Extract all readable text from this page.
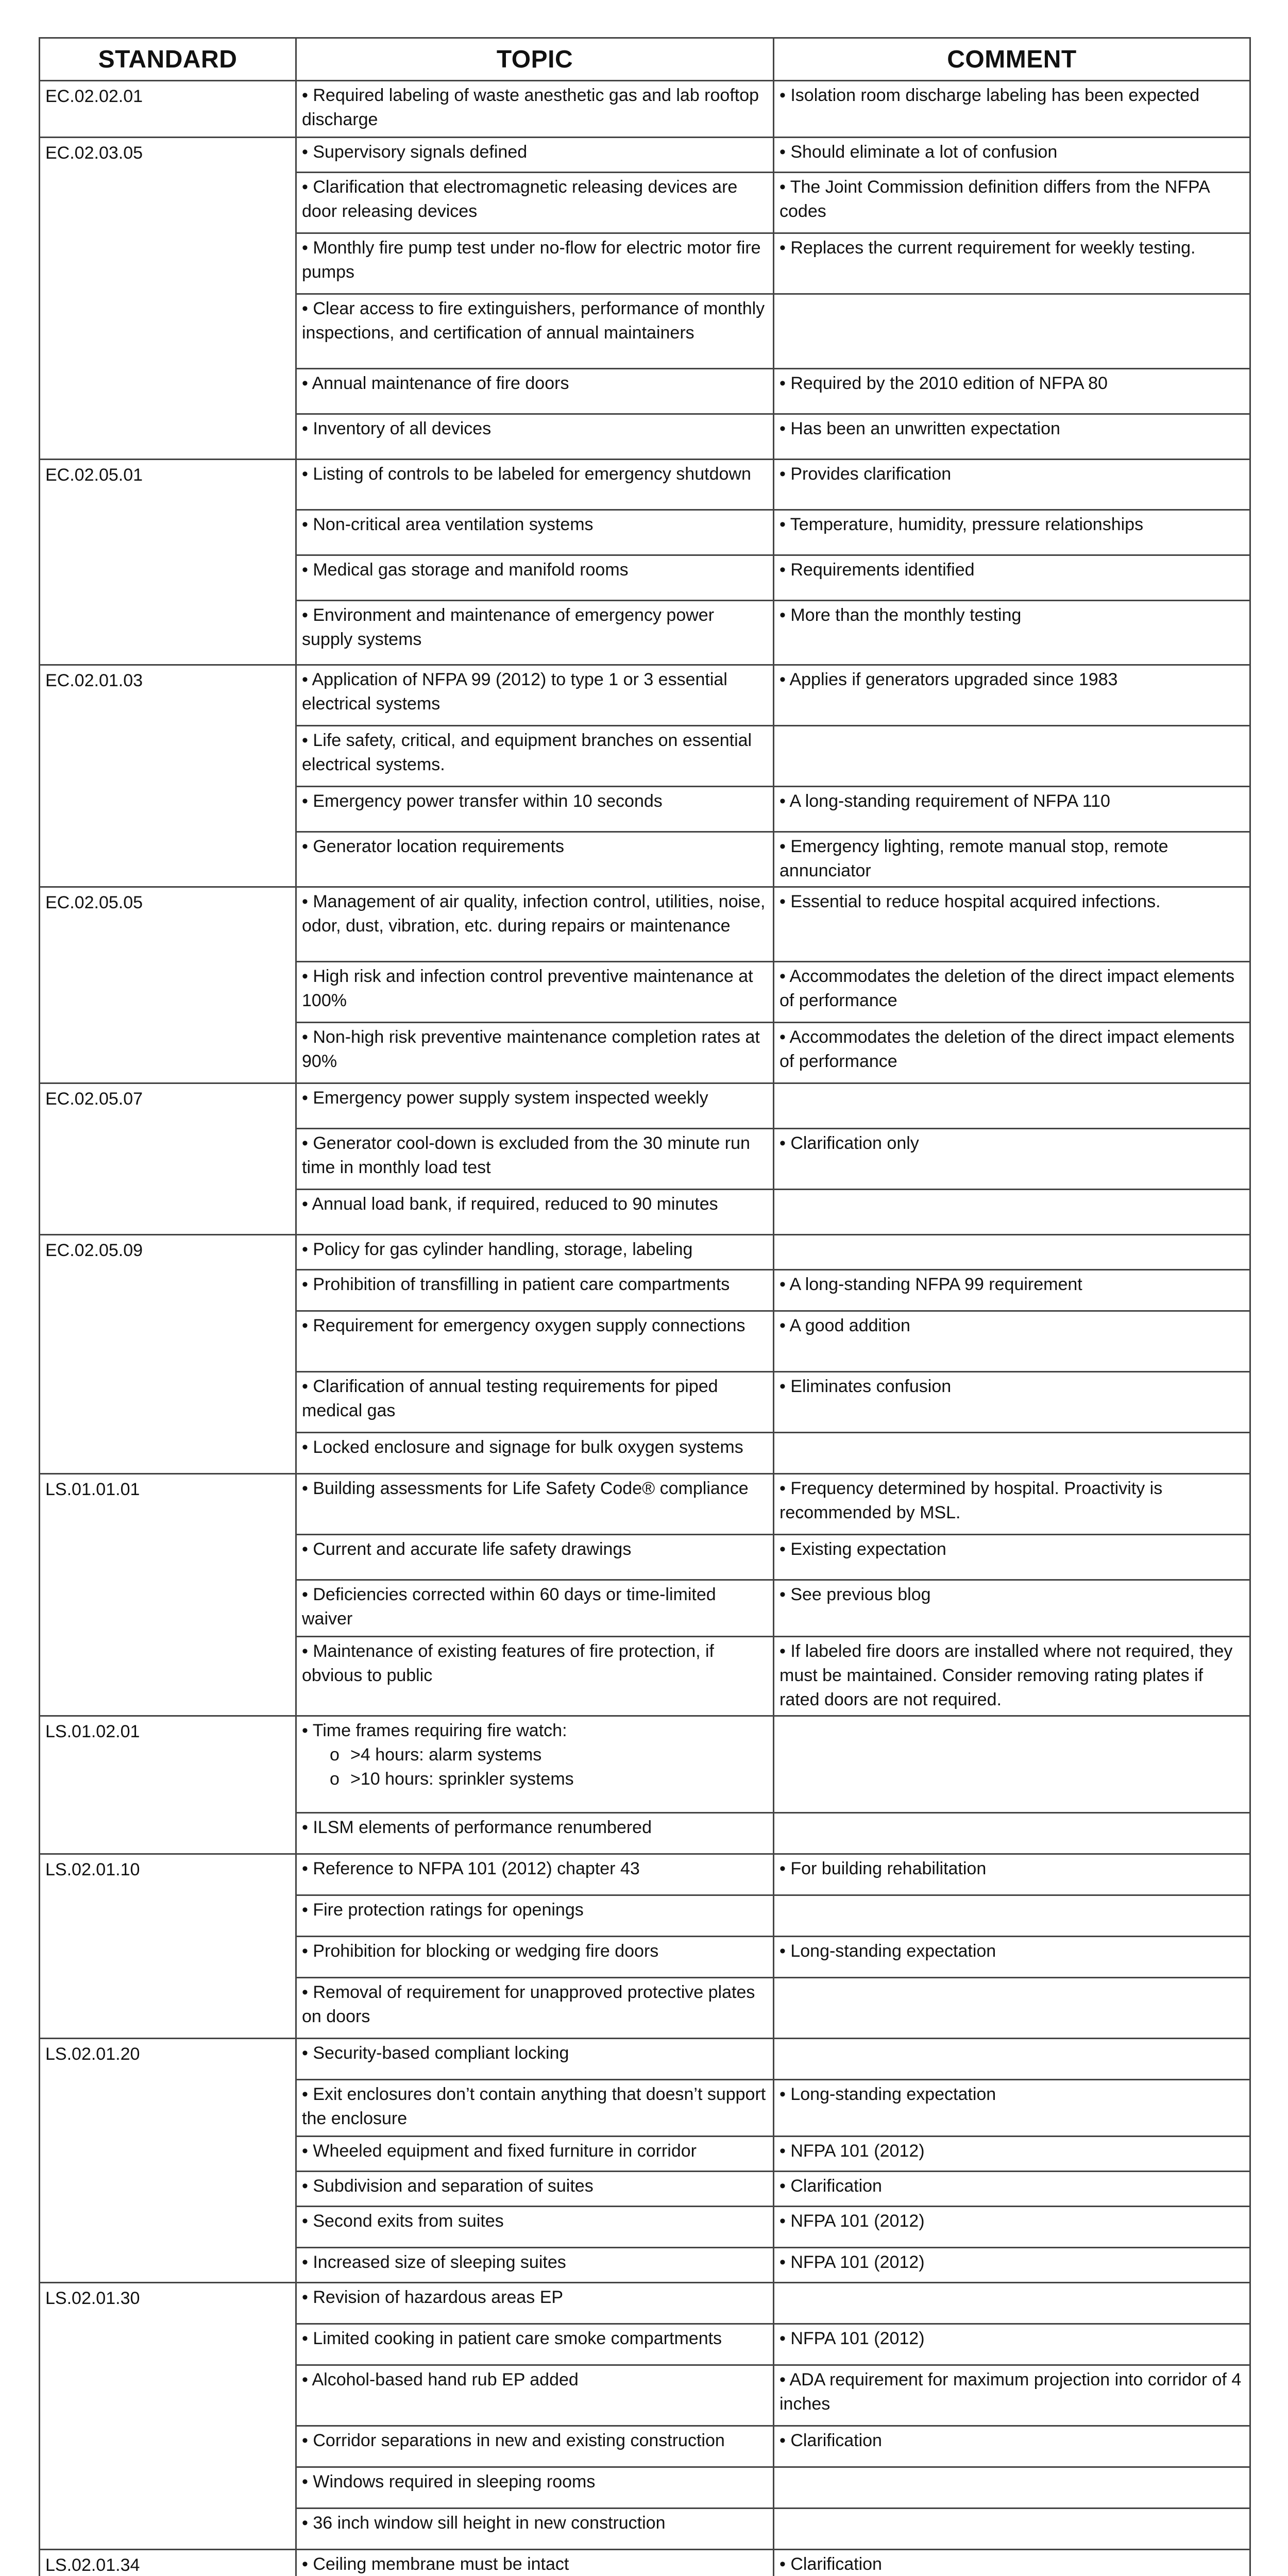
STANDARD	TOPIC	COMMENT
EC.02.02.01	• Required labeling of waste anesthetic gas and lab rooftop discharge	• Isolation room discharge labeling has been expected
EC.02.03.05	• Supervisory signals defined	• Should eliminate a lot of confusion

	• Clarification that electromagnetic releasing devices are door releasing devices	• The Joint Commission definition differs from the NFPA codes

	• Monthly fire pump test under no-flow for electric motor fire pumps	• Replaces the current requirement for weekly testing.

	• Clear access to fire extinguishers, performance of monthly inspections, and certification of annual maintainers	

	• Annual maintenance of fire doors	• Required by the 2010 edition of NFPA 80

	• Inventory of all devices	• Has been an unwritten expectation
EC.02.05.01	• Listing of controls to be labeled for emergency shutdown	• Provides clarification

	• Non-critical area ventilation systems	• Temperature, humidity, pressure relationships

	• Medical gas storage and manifold rooms	• Requirements identified

	• Environment and maintenance of emergency power supply systems	• More than the monthly testing
EC.02.01.03	• Application of NFPA 99 (2012) to type 1 or 3 essential electrical systems	• Applies if generators upgraded since 1983

	• Life safety, critical, and equipment branches on essential electrical systems.	

	• Emergency power transfer within 10 seconds	• A long-standing requirement of NFPA 110

	• Generator location requirements	• Emergency lighting, remote manual stop, remote annunciator
EC.02.05.05	• Management of air quality, infection control, utilities, noise, odor, dust, vibration, etc. during repairs or maintenance	• Essential to reduce hospital acquired infections.

	• High risk and infection control preventive maintenance at 100%	• Accommodates the deletion of the direct impact elements of performance

	• Non-high risk preventive maintenance completion rates at 90%	• Accommodates the deletion of the direct impact elements of performance
EC.02.05.07	• Emergency power supply system inspected weekly	

	• Generator cool-down is excluded from the 30 minute run time in monthly load test	• Clarification only

	• Annual load bank, if required, reduced to 90 minutes	

EC.02.05.09	• Policy for gas cylinder handling, storage, labeling	

	• Prohibition of transfilling in patient care compartments	• A long-standing NFPA 99 requirement

	• Requirement for emergency oxygen supply connections	• A good addition

	• Clarification of annual testing requirements for piped medical gas	• Eliminates confusion

	• Locked enclosure and signage for bulk oxygen systems	

LS.01.01.01	• Building assessments for Life Safety Code® compliance	• Frequency determined by hospital. Proactivity is recommended by MSL.

	• Current and accurate life safety drawings	• Existing expectation

	• Deficiencies corrected within 60 days or time-limited waiver	• See previous blog

	• Maintenance of existing features of fire protection, if obvious to public	• If labeled fire doors are installed where not required, they must be maintained. Consider removing rating plates if rated doors are not required.
LS.01.02.01	• Time frames requiring fire watch:
o >4 hours: alarm systems
o >10 hours: sprinkler systems

	• ILSM elements of performance renumbered	

LS.02.01.10	• Reference to NFPA 101 (2012) chapter 43	• For building rehabilitation

	• Fire protection ratings for openings	

	• Prohibition for blocking or wedging fire doors	• Long-standing expectation

	• Removal of requirement for unapproved protective plates on doors	

LS.02.01.20	• Security-based compliant locking	

	• Exit enclosures don’t contain anything that doesn’t support the enclosure	• Long-standing expectation

	• Wheeled equipment and fixed furniture in corridor	• NFPA 101 (2012)

	• Subdivision and separation of suites	• Clarification

	• Second exits from suites	• NFPA 101 (2012)

	• Increased size of sleeping suites	• NFPA 101 (2012)
LS.02.01.30	• Revision of hazardous areas EP	

	• Limited cooking in patient care smoke compartments	• NFPA 101 (2012)

	• Alcohol-based hand rub EP added	• ADA requirement for maximum projection into corridor of 4 inches

	• Corridor separations in new and existing construction	• Clarification

	• Windows required in sleeping rooms	

	• 36 inch window sill height in new construction	

LS.02.01.34	• Ceiling membrane must be intact	• Clarification
